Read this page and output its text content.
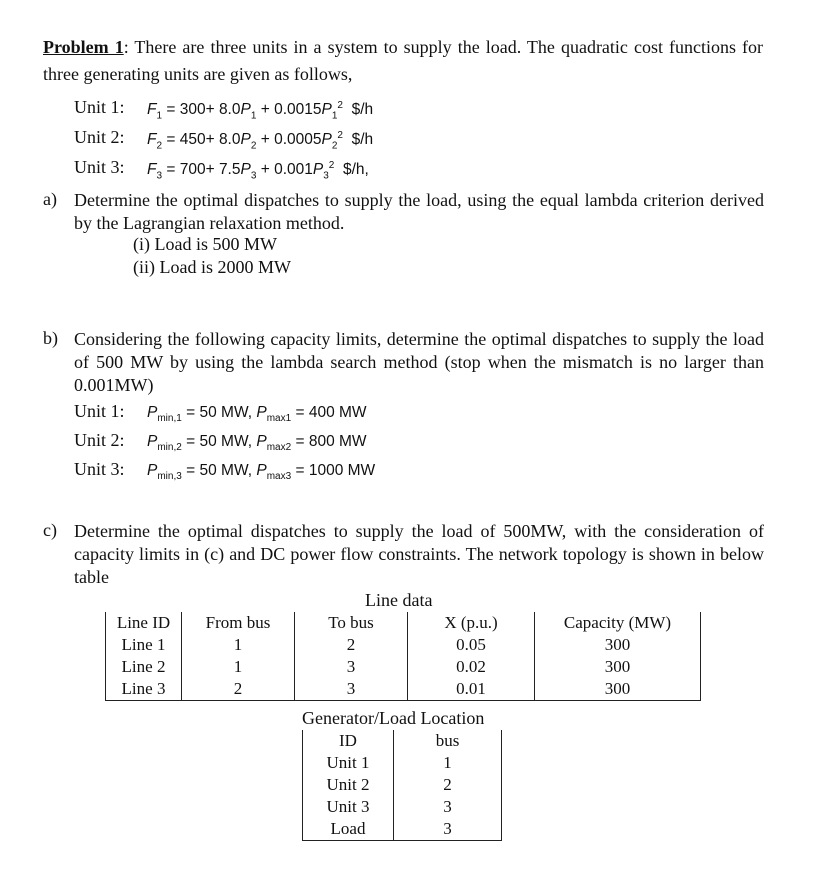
Problem 1: There are three units in a system to supply the load. The quadratic cost functions for three generating units are given as follows,
Unit 1: $F_1 = 300+ 8.0P_1 + 0.0015P_1^2$ $/h
Unit 2: $F_2 = 450+ 8.0P_2 + 0.0005P_2^2$ $/h
Unit 3: $F_3 = 700+ 7.5P_3 + 0.001P_3^2$ $/h,
a) Determine the optimal dispatches to supply the load, using the equal lambda criterion derived by the Lagrangian relaxation method.
(i) Load is 500 MW
(ii) Load is 2000 MW
b) Considering the following capacity limits, determine the optimal dispatches to supply the load of 500 MW by using the lambda search method (stop when the mismatch is no larger than 0.001MW)
Unit 1: $P_{min,1} = 50$ MW, $P_{max1} = 400$ MW
Unit 2: $P_{min,2} = 50$ MW, $P_{max2} = 800$ MW
Unit 3: $P_{min,3} = 50$ MW, $P_{max3} = 1000$ MW
c) Determine the optimal dispatches to supply the load of 500MW, with the consideration of capacity limits in (c) and DC power flow constraints. The network topology is shown in below table
Line data
Line ID	From bus	To bus	X (p.u.)	Capacity (MW)
Line 1	1	2	0.05	300
Line 2	1	3	0.02	300
Line 3	2	3	0.01	300
Generator/Load Location
ID	bus
Unit 1	1
Unit 2	2
Unit 3	3
Load	3
